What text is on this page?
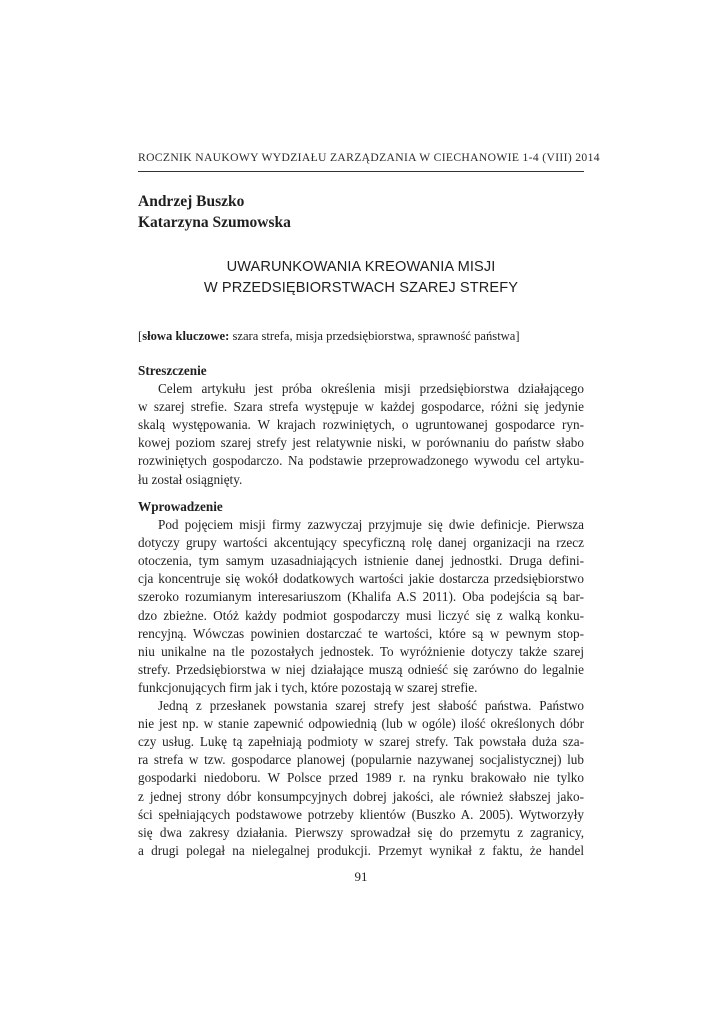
ROCZNIK NAUKOWY WYDZIAŁU ZARZĄDZANIA W CIECHANOWIE 1-4 (VIII) 2014
Andrzej Buszko
Katarzyna Szumowska
UWARUNKOWANIA KREOWANIA MISJI
W PRZEDSIĘBIORSTWACH SZAREJ STREFY
[słowa kluczowe: szara strefa, misja przedsiębiorstwa, sprawność państwa]
Streszczenie
Celem artykułu jest próba określenia misji przedsiębiorstwa działającego
w szarej strefie. Szara strefa występuje w każdej gospodarce, różni się jedynie
skalą występowania. W krajach rozwiniętych, o ugruntowanej gospodarce ryn-
kowej poziom szarej strefy jest relatywnie niski, w porównaniu do państw słabo
rozwiniętych gospodarczo. Na podstawie przeprowadzonego wywodu cel artyku-
łu został osiągnięty.
Wprowadzenie
Pod pojęciem misji firmy zazwyczaj przyjmuje się dwie definicje. Pierwsza
dotyczy grupy wartości akcentujący specyficzną rolę danej organizacji na rzecz
otoczenia, tym samym uzasadniających istnienie danej jednostki. Druga defini-
cja koncentruje się wokół dodatkowych wartości jakie dostarcza przedsiębiorstwo
szeroko rozumianym interesariuszom (Khalifa A.S 2011). Oba podejścia są bar-
dzo zbieżne. Otóż każdy podmiot gospodarczy musi liczyć się z walką konku-
rencyjną. Wówczas powinien dostarczać te wartości, które są w pewnym stop-
niu unikalne na tle pozostałych jednostek. To wyróżnienie dotyczy także szarej
strefy. Przedsiębiorstwa w niej działające muszą odnieść się zarówno do legalnie
funkcjonujących firm jak i tych, które pozostają w szarej strefie.
Jedną z przesłanek powstania szarej strefy jest słabość państwa. Państwo
nie jest np. w stanie zapewnić odpowiednią (lub w ogóle) ilość określonych dóbr
czy usług. Lukę tą zapełniają podmioty w szarej strefy. Tak powstała duża sza-
ra strefa w tzw. gospodarce planowej (popularnie nazywanej socjalistycznej) lub
gospodarki niedoboru. W Polsce przed 1989 r. na rynku brakowało nie tylko
z jednej strony dóbr konsumpcyjnych dobrej jakości, ale również słabszej jako-
ści spełniających podstawowe potrzeby klientów (Buszko A. 2005). Wytworzyły
się dwa zakresy działania. Pierwszy sprowadzał się do przemytu z zagranicy,
a drugi polegał na nielegalnej produkcji. Przemyt wynikał z faktu, że handel
91
